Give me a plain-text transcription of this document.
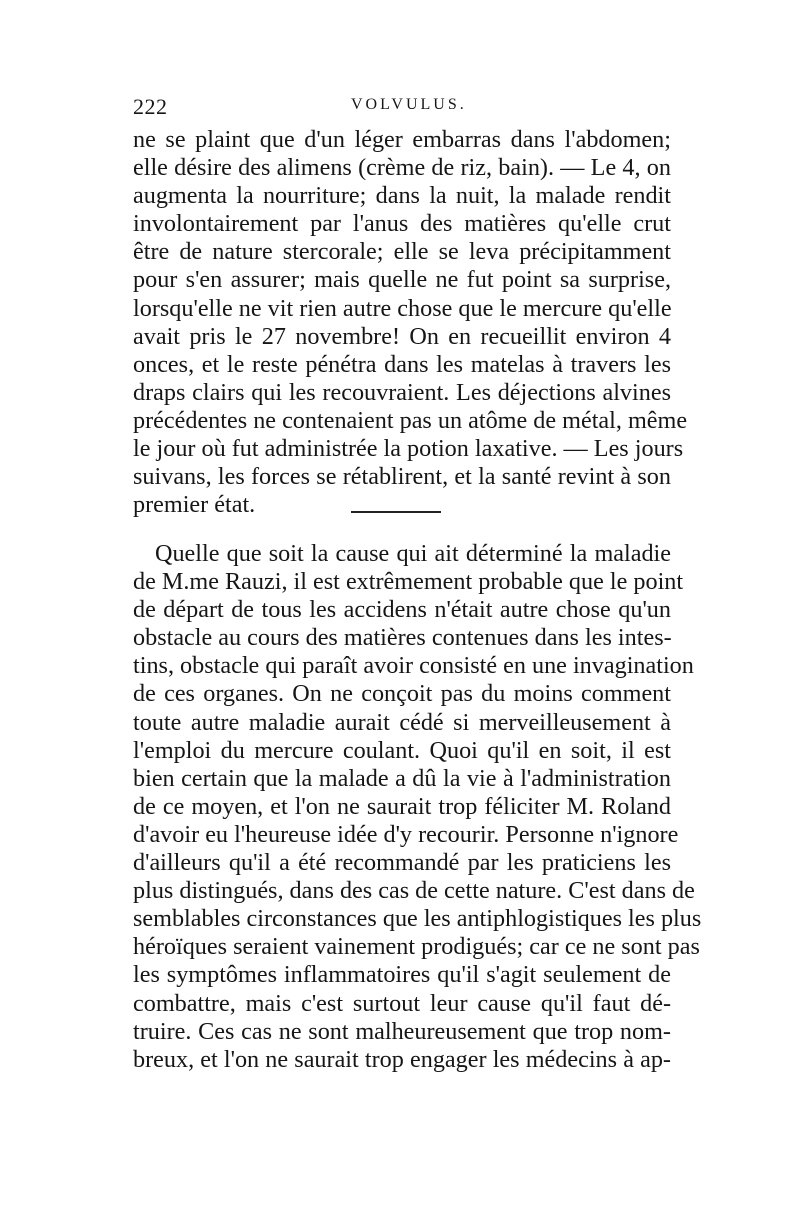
222	VOLVULUS.
ne se plaint que d'un léger embarras dans l'abdomen;
elle désire des alimens (crème de riz, bain). — Le 4, on
augmenta la nourriture; dans la nuit, la malade rendit
involontairement par l'anus des matières qu'elle crut
être de nature stercorale; elle se leva précipitamment
pour s'en assurer; mais quelle ne fut point sa surprise,
lorsqu'elle ne vit rien autre chose que le mercure qu'elle
avait pris le 27 novembre! On en recueillit environ 4
onces, et le reste pénétra dans les matelas à travers les
draps clairs qui les recouvraient. Les déjections alvines
précédentes ne contenaient pas un atôme de métal, même
le jour où fut administrée la potion laxative. — Les jours
suivans, les forces se rétablirent, et la santé revint à son
premier état.
Quelle que soit la cause qui ait déterminé la maladie
de M.me Rauzi, il est extrêmement probable que le point
de départ de tous les accidens n'était autre chose qu'un
obstacle au cours des matières contenues dans les intes-
tins, obstacle qui paraît avoir consisté en une invagination
de ces organes. On ne conçoit pas du moins comment
toute autre maladie aurait cédé si merveilleusement à
l'emploi du mercure coulant. Quoi qu'il en soit, il est
bien certain que la malade a dû la vie à l'administration
de ce moyen, et l'on ne saurait trop féliciter M. Roland
d'avoir eu l'heureuse idée d'y recourir. Personne n'ignore
d'ailleurs qu'il a été recommandé par les praticiens les
plus distingués, dans des cas de cette nature. C'est dans de
semblables circonstances que les antiphlogistiques les plus
héroïques seraient vainement prodigués; car ce ne sont pas
les symptômes inflammatoires qu'il s'agit seulement de
combattre, mais c'est surtout leur cause qu'il faut dé-
truire. Ces cas ne sont malheureusement que trop nom-
breux, et l'on ne saurait trop engager les médecins à ap-
